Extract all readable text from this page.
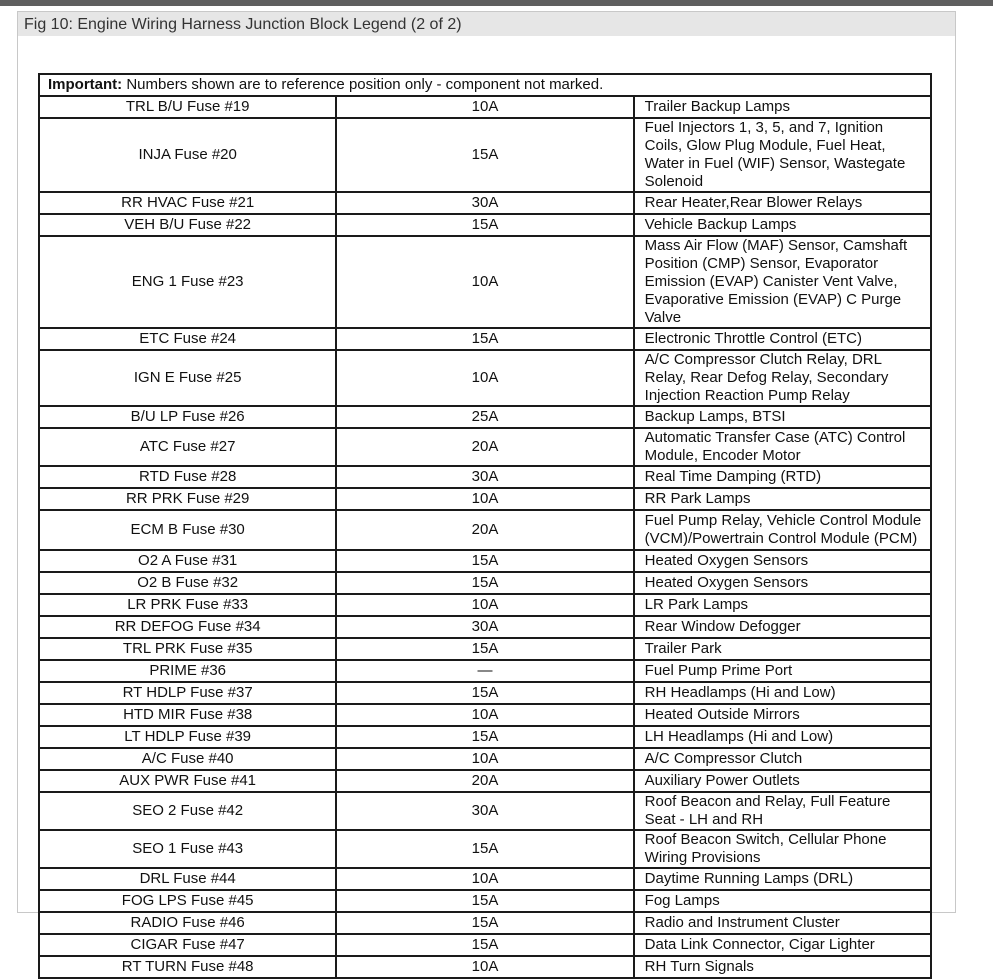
Fig 10: Engine Wiring Harness Junction Block Legend (2 of 2)
Important: Numbers shown are to reference position only - component not marked.		
TRL B/U Fuse #19	10A	Trailer Backup Lamps
INJA Fuse #20	15A	Fuel Injectors 1, 3, 5, and 7, Ignition Coils, Glow Plug Module, Fuel Heat, Water in Fuel (WIF) Sensor, Wastegate Solenoid
RR HVAC Fuse #21	30A	Rear Heater,Rear Blower Relays
VEH B/U Fuse #22	15A	Vehicle Backup Lamps
ENG 1 Fuse #23	10A	Mass Air Flow (MAF) Sensor, Camshaft Position (CMP) Sensor, Evaporator Emission (EVAP) Canister Vent Valve, Evaporative Emission (EVAP) C Purge Valve
ETC Fuse #24	15A	Electronic Throttle Control (ETC)
IGN E Fuse #25	10A	A/C Compressor Clutch Relay, DRL Relay, Rear Defog Relay, Secondary Injection Reaction Pump Relay
B/U LP Fuse #26	25A	Backup Lamps, BTSI
ATC Fuse #27	20A	Automatic Transfer Case (ATC) Control Module, Encoder Motor
RTD Fuse #28	30A	Real Time Damping (RTD)
RR PRK Fuse #29	10A	RR Park Lamps
ECM B Fuse #30	20A	Fuel Pump Relay, Vehicle Control Module (VCM)/Powertrain Control Module (PCM)
O2 A Fuse #31	15A	Heated Oxygen Sensors
O2 B Fuse #32	15A	Heated Oxygen Sensors
LR PRK Fuse #33	10A	LR Park Lamps
RR DEFOG Fuse #34	30A	Rear Window Defogger
TRL PRK Fuse #35	15A	Trailer Park
PRIME #36	—	Fuel Pump Prime Port
RT HDLP Fuse #37	15A	RH Headlamps (Hi and Low)
HTD MIR Fuse #38	10A	Heated Outside Mirrors
LT HDLP Fuse #39	15A	LH Headlamps (Hi and Low)
A/C Fuse #40	10A	A/C Compressor Clutch
AUX PWR Fuse #41	20A	Auxiliary Power Outlets
SEO 2 Fuse #42	30A	Roof Beacon and Relay, Full Feature Seat - LH and RH
SEO 1 Fuse #43	15A	Roof Beacon Switch, Cellular Phone Wiring Provisions
DRL Fuse #44	10A	Daytime Running Lamps (DRL)
FOG LPS Fuse #45	15A	Fog Lamps
RADIO Fuse #46	15A	Radio and Instrument Cluster
CIGAR Fuse #47	15A	Data Link Connector, Cigar Lighter
RT TURN Fuse #48	10A	RH Turn Signals
